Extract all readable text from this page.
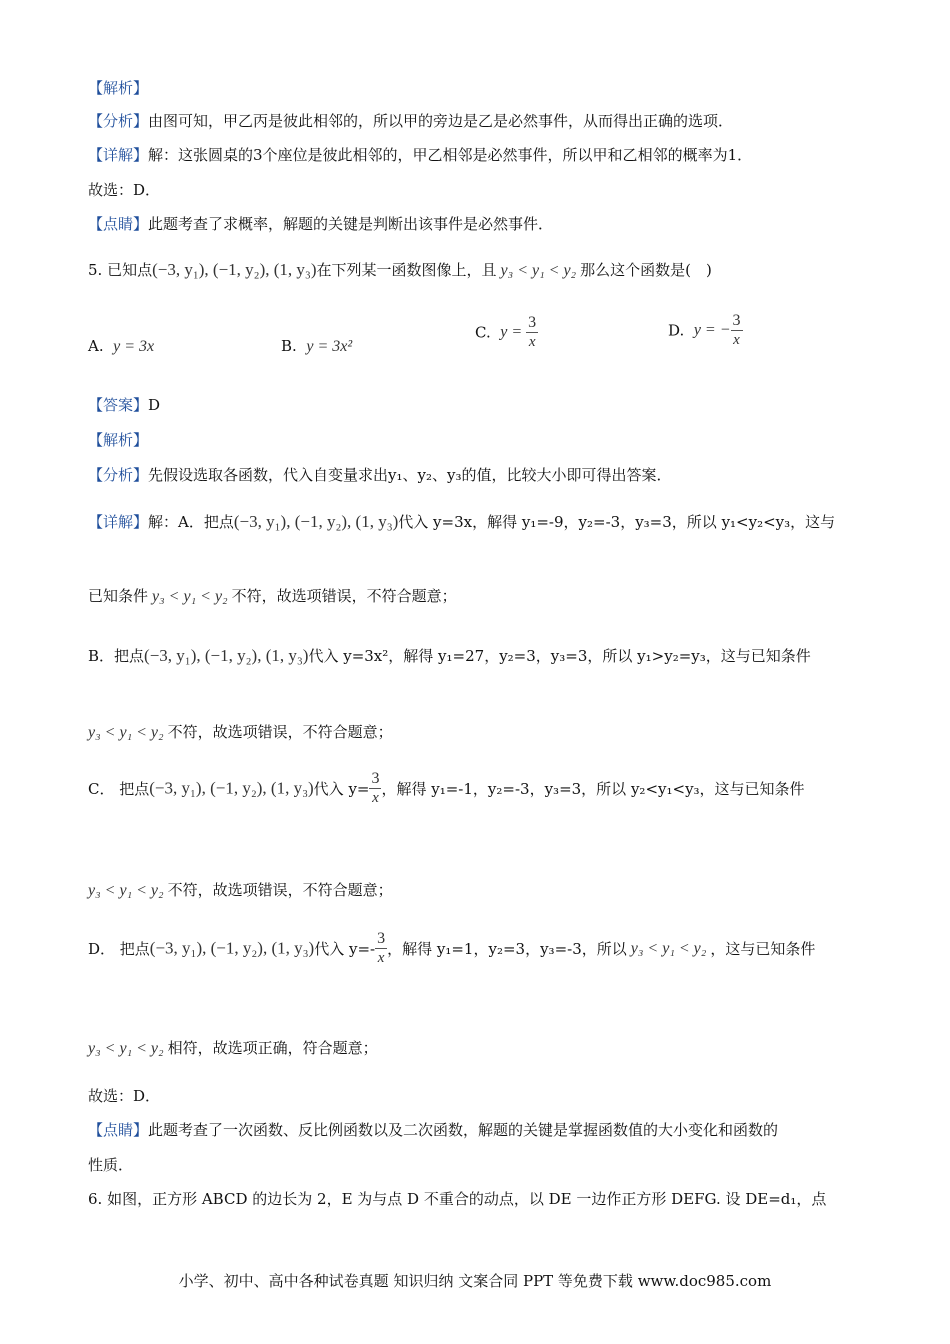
【解析】
【分析】由图可知，甲乙丙是彼此相邻的，所以甲的旁边是乙是必然事件，从而得出正确的选项．
【详解】解：这张圆桌的3个座位是彼此相邻的，甲乙相邻是必然事件，所以甲和乙相邻的概率为1．
故选：D．
【点睛】此题考查了求概率，解题的关键是判断出该事件是必然事件．
5. 已知点(−3, y₁), (−1, y₂), (1, y₃)在下列某一函数图像上，且 y₃ < y₁ < y₂ 那么这个函数是(　)
A. y = 3x	B. y = 3x²
C. $y = \frac{3}{x}$	D. y = − $\frac{3}{x}$
【答案】D
【解析】
【分析】先假设选取各函数，代入自变量求出y₁、y₂、y₃的值，比较大小即可得出答案．
【详解】解：A．把点(−3, y₁), (−1, y₂), (1, y₃)代入 y=3x，解得 y₁=-9，y₂=-3，y₃=3，所以 y₁<y₂<y₃，这与
已知条件 y₃ < y₁ < y₂ 不符，故选项错误，不符合题意；
B．把点(−3, y₁), (−1, y₂), (1, y₃)代入 y=3x²，解得 y₁=27，y₂=3，y₃=3，所以 y₁>y₂=y₃，这与已知条件
y₃ < y₁ < y₂ 不符，故选项错误，不符合题意；
C． 把点(−3, y₁), (−1, y₂), (1, y₃)代入 $y= \frac{3}{x}$ ，解得 y₁=-1，y₂=-3，y₃=3，所以 y₂<y₁<y₃，这与已知条件
y₃ < y₁ < y₂ 不符，故选项错误，不符合题意；
D． 把点(−3, y₁), (−1, y₂), (1, y₃)代入 $y=- \frac{3}{x}$ ，解得 y₁=1，y₂=3，y₃=-3，所以 y₃ < y₁ < y₂ ，这与已知条件
y₃ < y₁ < y₂ 相符，故选项正确，符合题意；
故选：D．
【点睛】此题考查了一次函数、反比例函数以及二次函数，解题的关键是掌握函数值的大小变化和函数的
性质．
6. 如图，正方形 ABCD 的边长为 2，E 为与点 D 不重合的动点，以 DE 一边作正方形 DEFG. 设 DE=d₁，点
小学、初中、高中各种试卷真题 知识归纳 文案合同 PPT 等免费下载 www.doc985.com
